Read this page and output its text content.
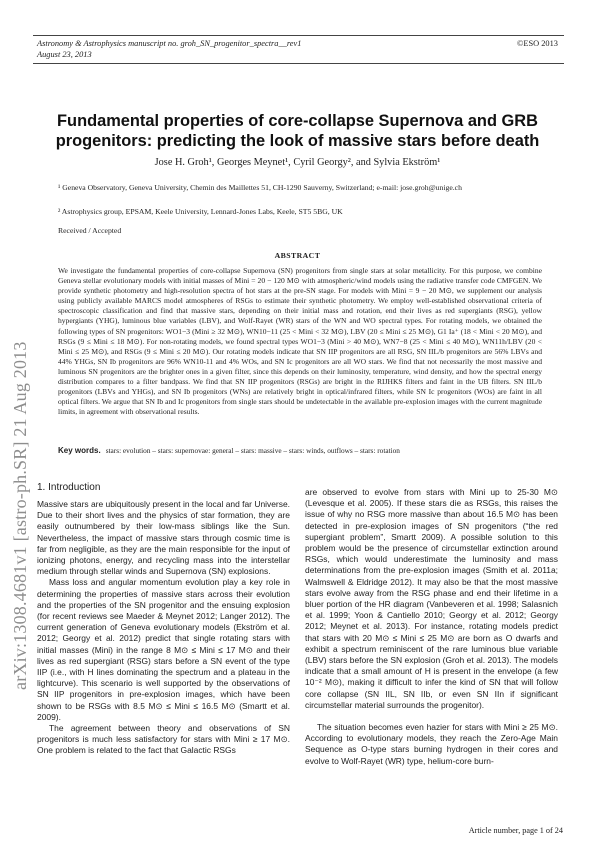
Astronomy & Astrophysics manuscript no. groh_SN_progenitor_spectra__rev1
August 23, 2013
©ESO 2013
arXiv:1308.4681v1 [astro-ph.SR] 21 Aug 2013
Fundamental properties of core-collapse Supernova and GRB
progenitors: predicting the look of massive stars before death
Jose H. Groh¹, Georges Meynet¹, Cyril Georgy², and Sylvia Ekström¹
¹ Geneva Observatory, Geneva University, Chemin des Maillettes 51, CH-1290 Sauverny, Switzerland; e-mail: jose.groh@unige.ch
² Astrophysics group, EPSAM, Keele University, Lennard-Jones Labs, Keele, ST5 5BG, UK
Received / Accepted
ABSTRACT
We investigate the fundamental properties of core-collapse Supernova (SN) progenitors from single stars at solar metallicity. For this purpose, we combine Geneva stellar evolutionary models with initial masses of Mini = 20 − 120 M⊙ with atmospheric/wind models using the radiative transfer code CMFGEN. We provide synthetic photometry and high-resolution spectra of hot stars at the pre-SN stage. For models with Mini = 9 − 20 M⊙, we supplement our analysis using publicly available MARCS model atmospheres of RSGs to estimate their synthetic photometry. We employ well-established observational criteria of spectroscopic classification and find that massive stars, depending on their initial mass and rotation, end their lives as red supergiants (RSG), yellow hypergiants (YHG), luminous blue variables (LBV), and Wolf-Rayet (WR) stars of the WN and WO spectral types. For rotating models, we obtained the following types of SN progenitors: WO1−3 (Mini ≥ 32 M⊙), WN10−11 (25 < Mini < 32 M⊙), LBV (20 ≤ Mini ≤ 25 M⊙), G1 Ia⁺ (18 < Mini < 20 M⊙), and RSGs (9 ≤ Mini ≤ 18 M⊙). For non-rotating models, we found spectral types WO1−3 (Mini > 40 M⊙), WN7−8 (25 < Mini ≤ 40 M⊙), WN11h/LBV (20 < Mini ≤ 25 M⊙), and RSGs (9 ≤ Mini ≤ 20 M⊙). Our rotating models indicate that SN IIP progenitors are all RSG, SN IIL/b progenitors are 56% LBVs and 44% YHGs, SN Ib progenitors are 96% WN10-11 and 4% WOs, and SN Ic progenitors are all WO stars. We find that not necessarily the most massive and luminous SN progenitors are the brighter ones in a given filter, since this depends on their luminosity, temperature, wind density, and how the spectral energy distribution compares to a filter bandpass. We find that SN IIP progenitors (RSGs) are bright in the RIJHKS filters and faint in the UB filters. SN IIL/b progenitors (LBVs and YHGs), and SN Ib progenitors (WNs) are relatively bright in optical/infrared filters, while SN Ic progenitors (WOs) are faint in all optical filters. We argue that SN Ib and Ic progenitors from single stars should be undetectable in the available pre-explosion images with the current magnitude limits, in agreement with observational results.
Key words. stars: evolution – stars: supernovae: general – stars: massive – stars: winds, outflows – stars: rotation
1. Introduction

Massive stars are ubiquitously present in the local and far Universe. Due to their short lives and the physics of star formation, they are easily outnumbered by their low-mass siblings like the Sun. Nevertheless, the impact of massive stars through cosmic time is far from negligible, as they are the main responsible for the input of ionizing photons, energy, and recycling mass into the interstellar medium through stellar winds and Supernova (SN) explosions.

Mass loss and angular momentum evolution play a key role in determining the properties of massive stars across their evolution and the properties of the SN progenitor and the ensuing explosion (for recent reviews see Maeder & Meynet 2012; Langer 2012). The current generation of Geneva evolutionary models (Ekström et al. 2012; Georgy et al. 2012) predict that single rotating stars with initial masses (Mini) in the range 8 M⊙ ≤ Mini ≤ 17 M⊙ and their lives as red supergiant (RSG) stars before a SN event of the type IIP (i.e., with H lines dominating the spectrum and a plateau in the lightcurve). This scenario is well supported by the observations of SN IIP progenitors in pre-explosion images, which have been shown to be RSGs with 8.5 M⊙ ≤ Mini ≤ 16.5 M⊙ (Smartt et al. 2009).

The agreement between theory and observations of SN progenitors is much less satisfactory for stars with Mini ≥ 17 M⊙. One problem is related to the fact that Galactic RSGs

are observed to evolve from stars with Mini up to 25-30 M⊙ (Levesque et al. 2005). If these stars die as RSGs, this raises the issue of why no RSG more massive than about 16.5 M⊙ has been detected in pre-explosion images of SN progenitors (“the red supergiant problem”, Smartt 2009). A possible solution to this problem would be the presence of circumstellar extinction around RSGs, which would underestimate the luminosity and mass determinations from the pre-explosion images (Smith et al. 2011a; Walmswell & Eldridge 2012). It may also be that the most massive stars evolve away from the RSG phase and end their lifetime in a bluer portion of the HR diagram (Vanbeveren et al. 1998; Salasnich et al. 1999; Yoon & Cantiello 2010; Georgy et al. 2012; Georgy 2012; Meynet et al. 2013). For instance, rotating models predict that stars with 20 M⊙ ≤ Mini ≤ 25 M⊙ are born as O dwarfs and exhibit a spectrum reminiscent of the rare luminous blue variable (LBV) stars before the SN explosion (Groh et al. 2013). The models indicate that a small amount of H is present in the envelope (a few 10⁻² M⊙), making it difficult to infer the kind of SN that will follow core collapse (SN IIL, SN IIb, or even SN IIn if significant circumstellar material surrounds the progenitor).

The situation becomes even hazier for stars with Mini ≥ 25 M⊙. According to evolutionary models, they reach the Zero-Age Main Sequence as O-type stars burning hydrogen in their cores and evolve to Wolf-Rayet (WR) type, helium-core burn-

Article number, page 1 of 24
